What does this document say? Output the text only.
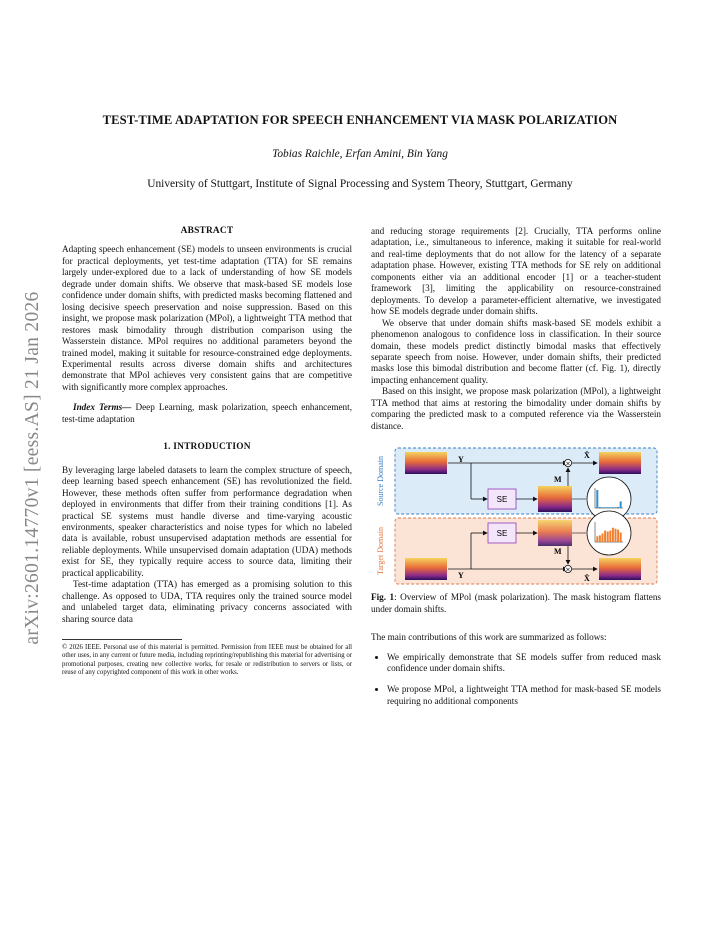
arXiv:2601.14770v1 [eess.AS] 21 Jan 2026
TEST-TIME ADAPTATION FOR SPEECH ENHANCEMENT VIA MASK POLARIZATION
Tobias Raichle, Erfan Amini, Bin Yang
University of Stuttgart, Institute of Signal Processing and System Theory, Stuttgart, Germany
ABSTRACT

Adapting speech enhancement (SE) models to unseen environments is crucial for practical deployments, yet test-time adaptation (TTA) for SE remains largely under-explored due to a lack of understanding of how SE models degrade under domain shifts. We observe that mask-based SE models lose confidence under domain shifts, with predicted masks becoming flattened and losing decisive speech preservation and noise suppression. Based on this insight, we propose mask polarization (MPol), a lightweight TTA method that restores mask bimodality through distribution comparison using the Wasserstein distance. MPol requires no additional parameters beyond the trained model, making it suitable for resource-constrained edge deployments. Experimental results across diverse domain shifts and architectures demonstrate that MPol achieves very consistent gains that are competitive with significantly more complex approaches.

Index Terms— Deep Learning, mask polarization, speech enhancement, test-time adaptation

1. INTRODUCTION

By leveraging large labeled datasets to learn the complex structure of speech, deep learning based speech enhancement (SE) has revolutionized the field. However, these methods often suffer from performance degradation when deployed in environments that differ from their training conditions [1]. As practical SE systems must handle diverse and time-varying acoustic environments, speaker characteristics and noise types for which no labeled data is available, robust unsupervised adaptation methods are essential for reliable deployments. While unsupervised domain adaptation (UDA) methods exist for SE, they typically require access to source data, limiting their practical applicability.

Test-time adaptation (TTA) has emerged as a promising solution to this challenge. As opposed to UDA, TTA requires only the trained source model and unlabeled target data, eliminating privacy concerns associated with sharing source data

© 2026 IEEE. Personal use of this material is permitted. Permission from IEEE must be obtained for all other uses, in any current or future media, including reprinting/republishing this material for advertising or promotional purposes, creating new collective works, for resale or redistribution to servers or lists, or reuse of any copyrighted component of this work in other works.

and reducing storage requirements [2]. Crucially, TTA performs online adaptation, i.e., simultaneous to inference, making it suitable for real-world and real-time deployments that do not allow for the latency of a separate adaptation phase. However, existing TTA methods for SE rely on additional components either via an additional encoder [1] or a teacher-student framework [3], limiting the applicability on resource-constrained deployments. To develop a parameter-efficient alternative, we investigated how SE models degrade under domain shifts.

We observe that under domain shifts mask-based SE models exhibit a phenomenon analogous to confidence loss in classification. In their source domain, these models predict distinctly bimodal masks that effectively separate speech from noise. However, under domain shifts, their predicted masks lose this bimodal distribution and become flatter (cf. Fig. 1), directly impacting enhancement quality.

Based on this insight, we propose mask polarization (MPol), a lightweight TTA method that aims at restoring the bimodality under domain shifts by comparing the predicted mask to a computed reference via the Wasserstein distance.

Source Domain
Target Domain
Y
SE
M
×
X̂
Y
SE
M
×
X̂

Fig. 1: Overview of MPol (mask polarization). The mask histogram flattens under domain shifts.

The main contributions of this work are summarized as follows:

• We empirically demonstrate that SE models suffer from reduced mask confidence under domain shifts.
• We propose MPol, a lightweight TTA method for mask-based SE models requiring no additional components
